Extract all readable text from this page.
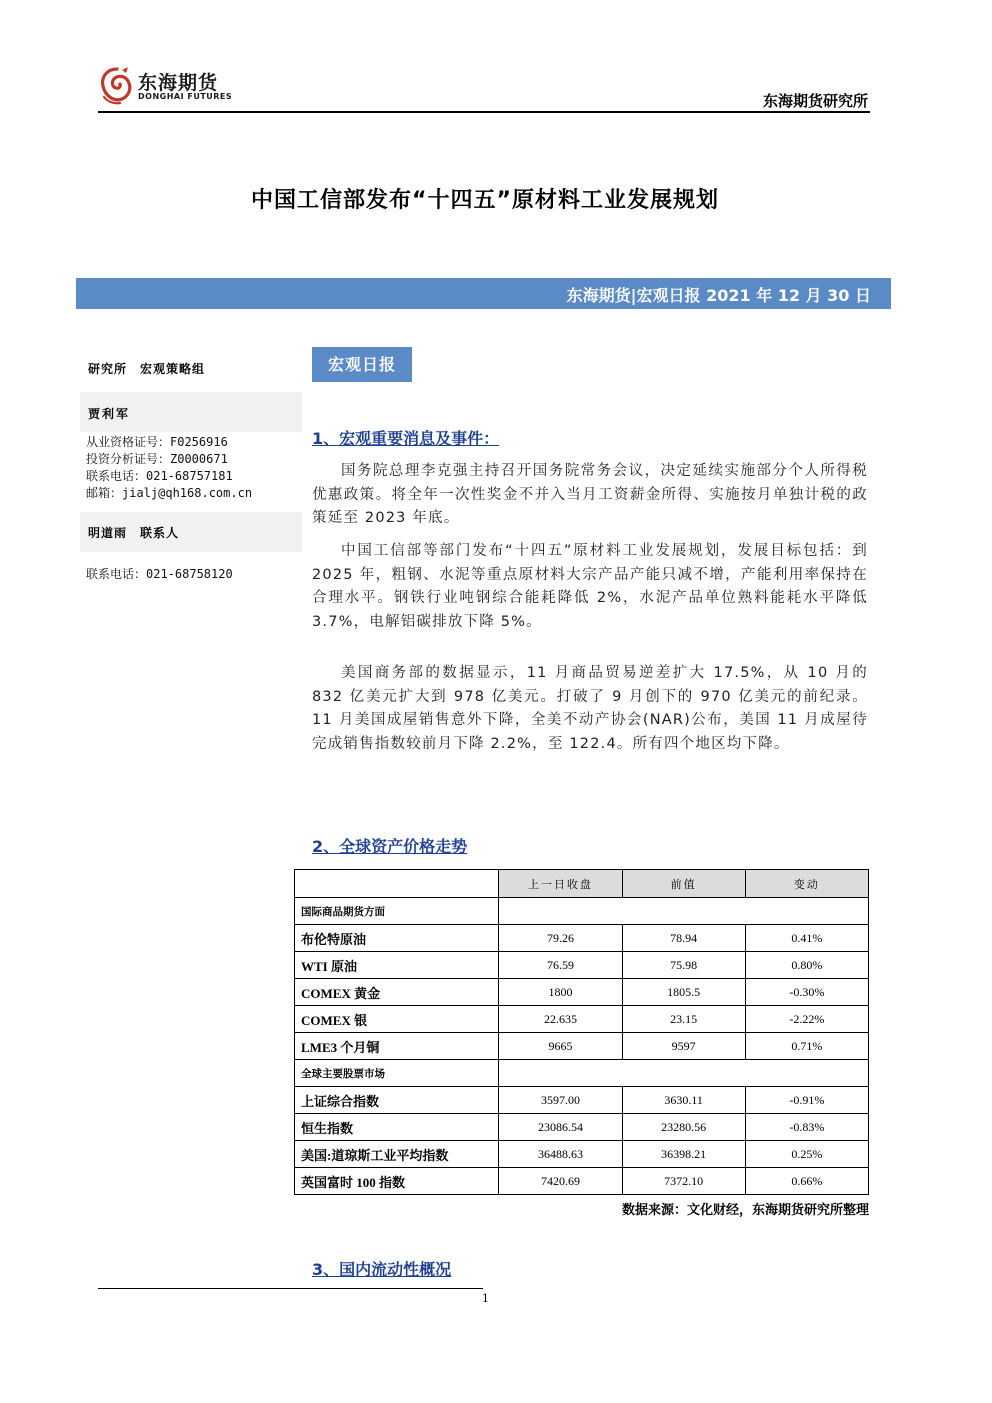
东海期货
DONGHAI FUTURES	东海期货研究所
中国工信部发布“十四五”原材料工业发展规划
东海期货|宏观日报 2021 年 12 月 30 日
研究所　宏观策略组
贾利军
从业资格证号：F0256916
投资分析证号：Z0000671
联系电话：021-68757181
邮箱：jialj@qh168.com.cn
明道雨　联系人
联系电话：021-68758120
宏观日报
1、宏观重要消息及事件：

国务院总理李克强主持召开国务院常务会议，决定延续实施部分个人所得税优惠政策。将全年一次性奖金不并入当月工资薪金所得、实施按月单独计税的政策延至 2023 年底。

中国工信部等部门发布“十四五”原材料工业发展规划，发展目标包括：到 2025 年，粗钢、水泥等重点原材料大宗产品产能只减不增，产能利用率保持在合理水平。钢铁行业吨钢综合能耗降低 2%，水泥产品单位熟料能耗水平降低 3.7%，电解铝碳排放下降 5%。

美国商务部的数据显示，11 月商品贸易逆差扩大 17.5%，从 10 月的 832 亿美元扩大到 978 亿美元。打破了 9 月创下的 970 亿美元的前纪录。11 月美国成屋销售意外下降，全美不动产协会(NAR)公布，美国 11 月成屋待完成销售指数较前月下降 2.2%，至 122.4。所有四个地区均下降。

2、全球资产价格走势
	上一日收盘	前值	变动
国际商品期货方面			
布伦特原油	79.26	78.94	0.41%
WTI 原油	76.59	75.98	0.80%
COMEX 黄金	1800	1805.5	-0.30%
COMEX 银	22.635	23.15	-2.22%
LME3 个月铜	9665	9597	0.71%
全球主要股票市场			
上证综合指数	3597.00	3630.11	-0.91%
恒生指数	23086.54	23280.56	-0.83%
美国:道琼斯工业平均指数	36488.63	36398.21	0.25%
英国富时 100 指数	7420.69	7372.10	0.66%
数据来源：文化财经，东海期货研究所整理
3、国内流动性概况
1
